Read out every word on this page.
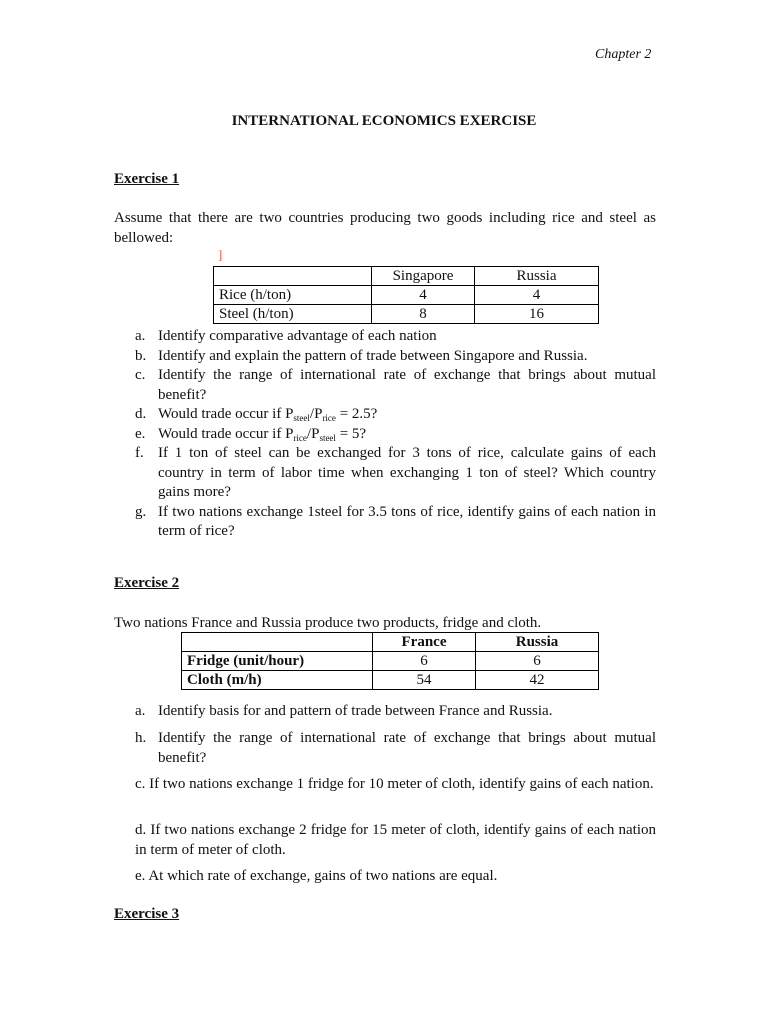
Chapter 2
INTERNATIONAL ECONOMICS EXERCISE
Exercise 1
Assume that there are two countries producing two goods including rice and steel as bellowed:
]
	Singapore	Russia
Rice (h/ton)	4	4
Steel (h/ton)	8	16
a. Identify comparative advantage of each nation
b. Identify and explain the pattern of trade between Singapore and Russia.
c. Identify the range of international rate of exchange that brings about mutual benefit?
d. Would trade occur if $P_{steel}/P_{rice} = 2.5$?
e. Would trade occur if $P_{rice}/P_{steel} = 5$?
f. If 1 ton of steel can be exchanged for 3 tons of rice, calculate gains of each country in term of labor time when exchanging 1 ton of steel? Which country gains more?
g. If two nations exchange 1steel for 3.5 tons of rice, identify gains of each nation in term of rice?
Exercise 2
Two nations France and Russia produce two products, fridge and cloth.
	France	Russia
Fridge (unit/hour)	6	6
Cloth (m/h)	54	42
a. Identify basis for and pattern of trade between France and Russia.
h. Identify the range of international rate of exchange that brings about mutual benefit?
c. If two nations exchange 1 fridge for 10 meter of cloth, identify gains of each nation.
d. If two nations exchange 2 fridge for 15 meter of cloth, identify gains of each nation in term of meter of cloth.
e. At which rate of exchange, gains of two nations are equal.
Exercise 3
